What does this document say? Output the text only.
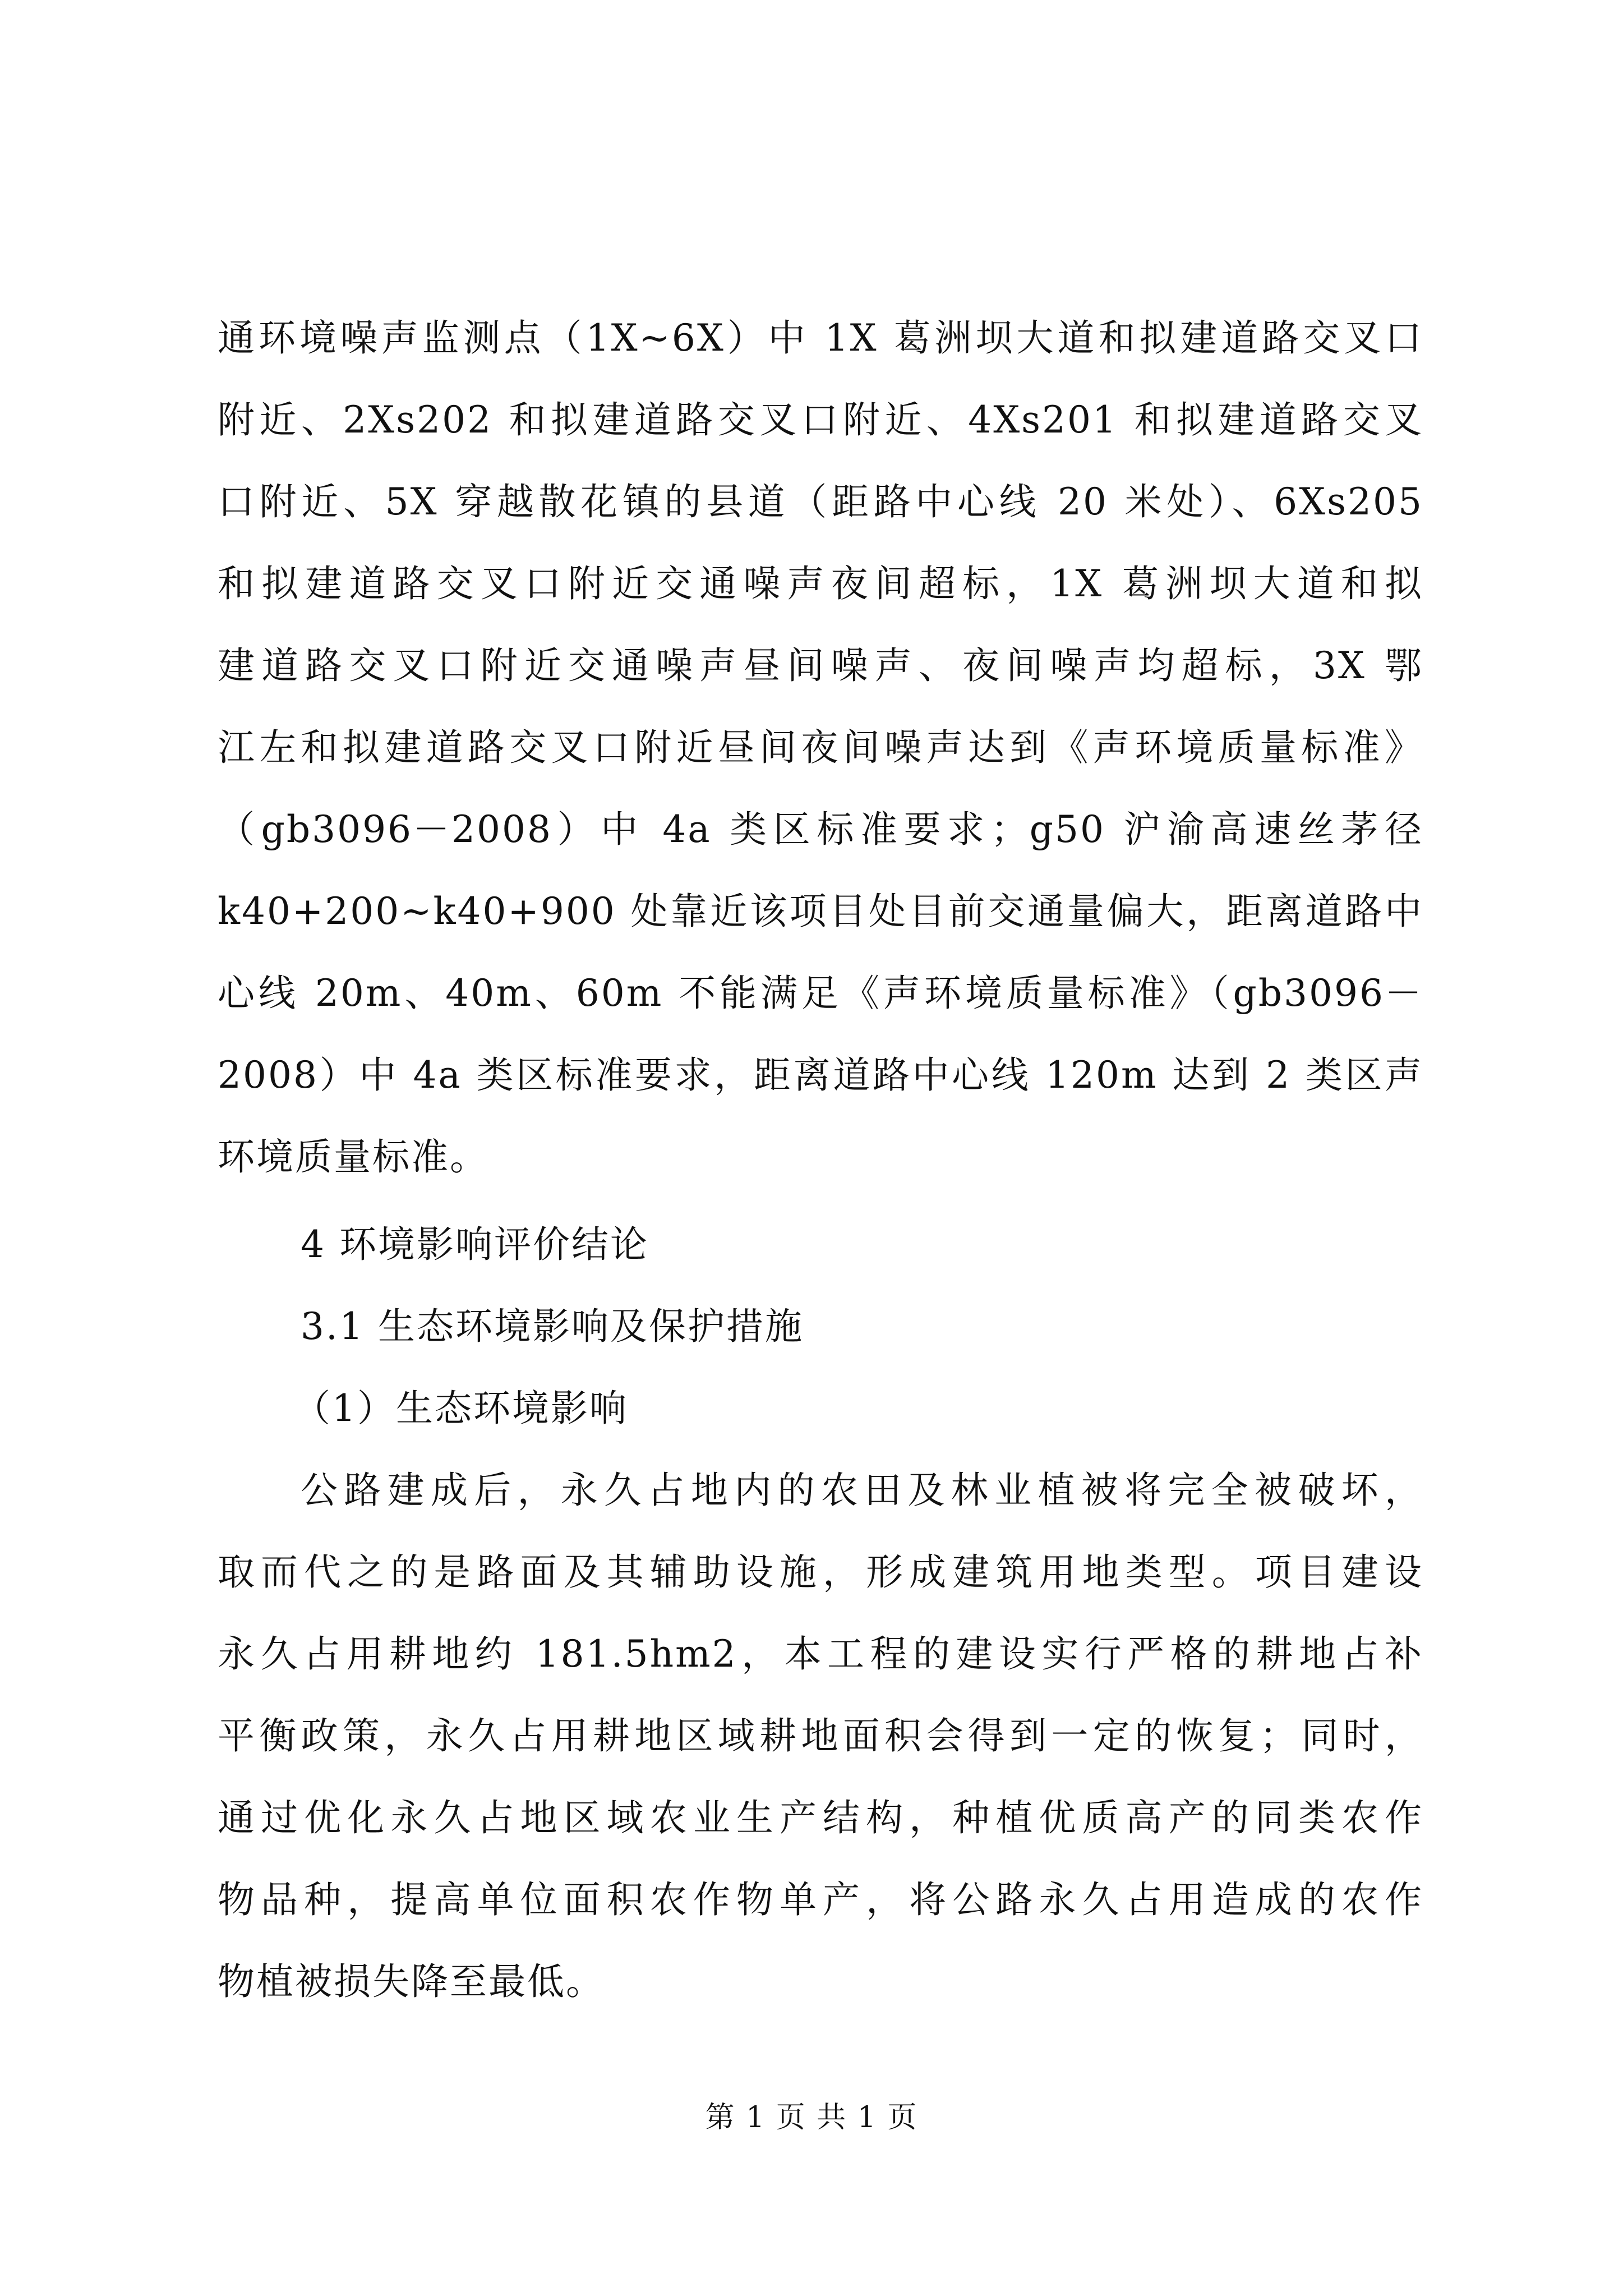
通环境噪声监测点（1X~6X）中 1X 葛洲坝大道和拟建道路交叉口
附近、2Xs202 和拟建道路交叉口附近、4Xs201 和拟建道路交叉
口附近、5X 穿越散花镇的县道（距路中心线 20 米处）、6Xs205
和拟建道路交叉口附近交通噪声夜间超标，1X 葛洲坝大道和拟
建道路交叉口附近交通噪声昼间噪声、夜间噪声均超标，3X 鄂
江左和拟建道路交叉口附近昼间夜间噪声达到《声环境质量标准》
（gb3096－2008）中 4a 类区标准要求；g50 沪渝高速丝茅径
k40+200~k40+900 处靠近该项目处目前交通量偏大，距离道路中
心线 20m、40m、60m 不能满足《声环境质量标准》（gb3096－
2008）中 4a 类区标准要求，距离道路中心线 120m 达到 2 类区声
环境质量标准。
4 环境影响评价结论
3.1 生态环境影响及保护措施
（1）生态环境影响
公路建成后，永久占地内的农田及林业植被将完全被破坏，
取而代之的是路面及其辅助设施，形成建筑用地类型。项目建设
永久占用耕地约 181.5hm2，本工程的建设实行严格的耕地占补
平衡政策，永久占用耕地区域耕地面积会得到一定的恢复；同时，
通过优化永久占地区域农业生产结构，种植优质高产的同类农作
物品种，提高单位面积农作物单产，将公路永久占用造成的农作
物植被损失降至最低。
第 1 页 共 1 页
